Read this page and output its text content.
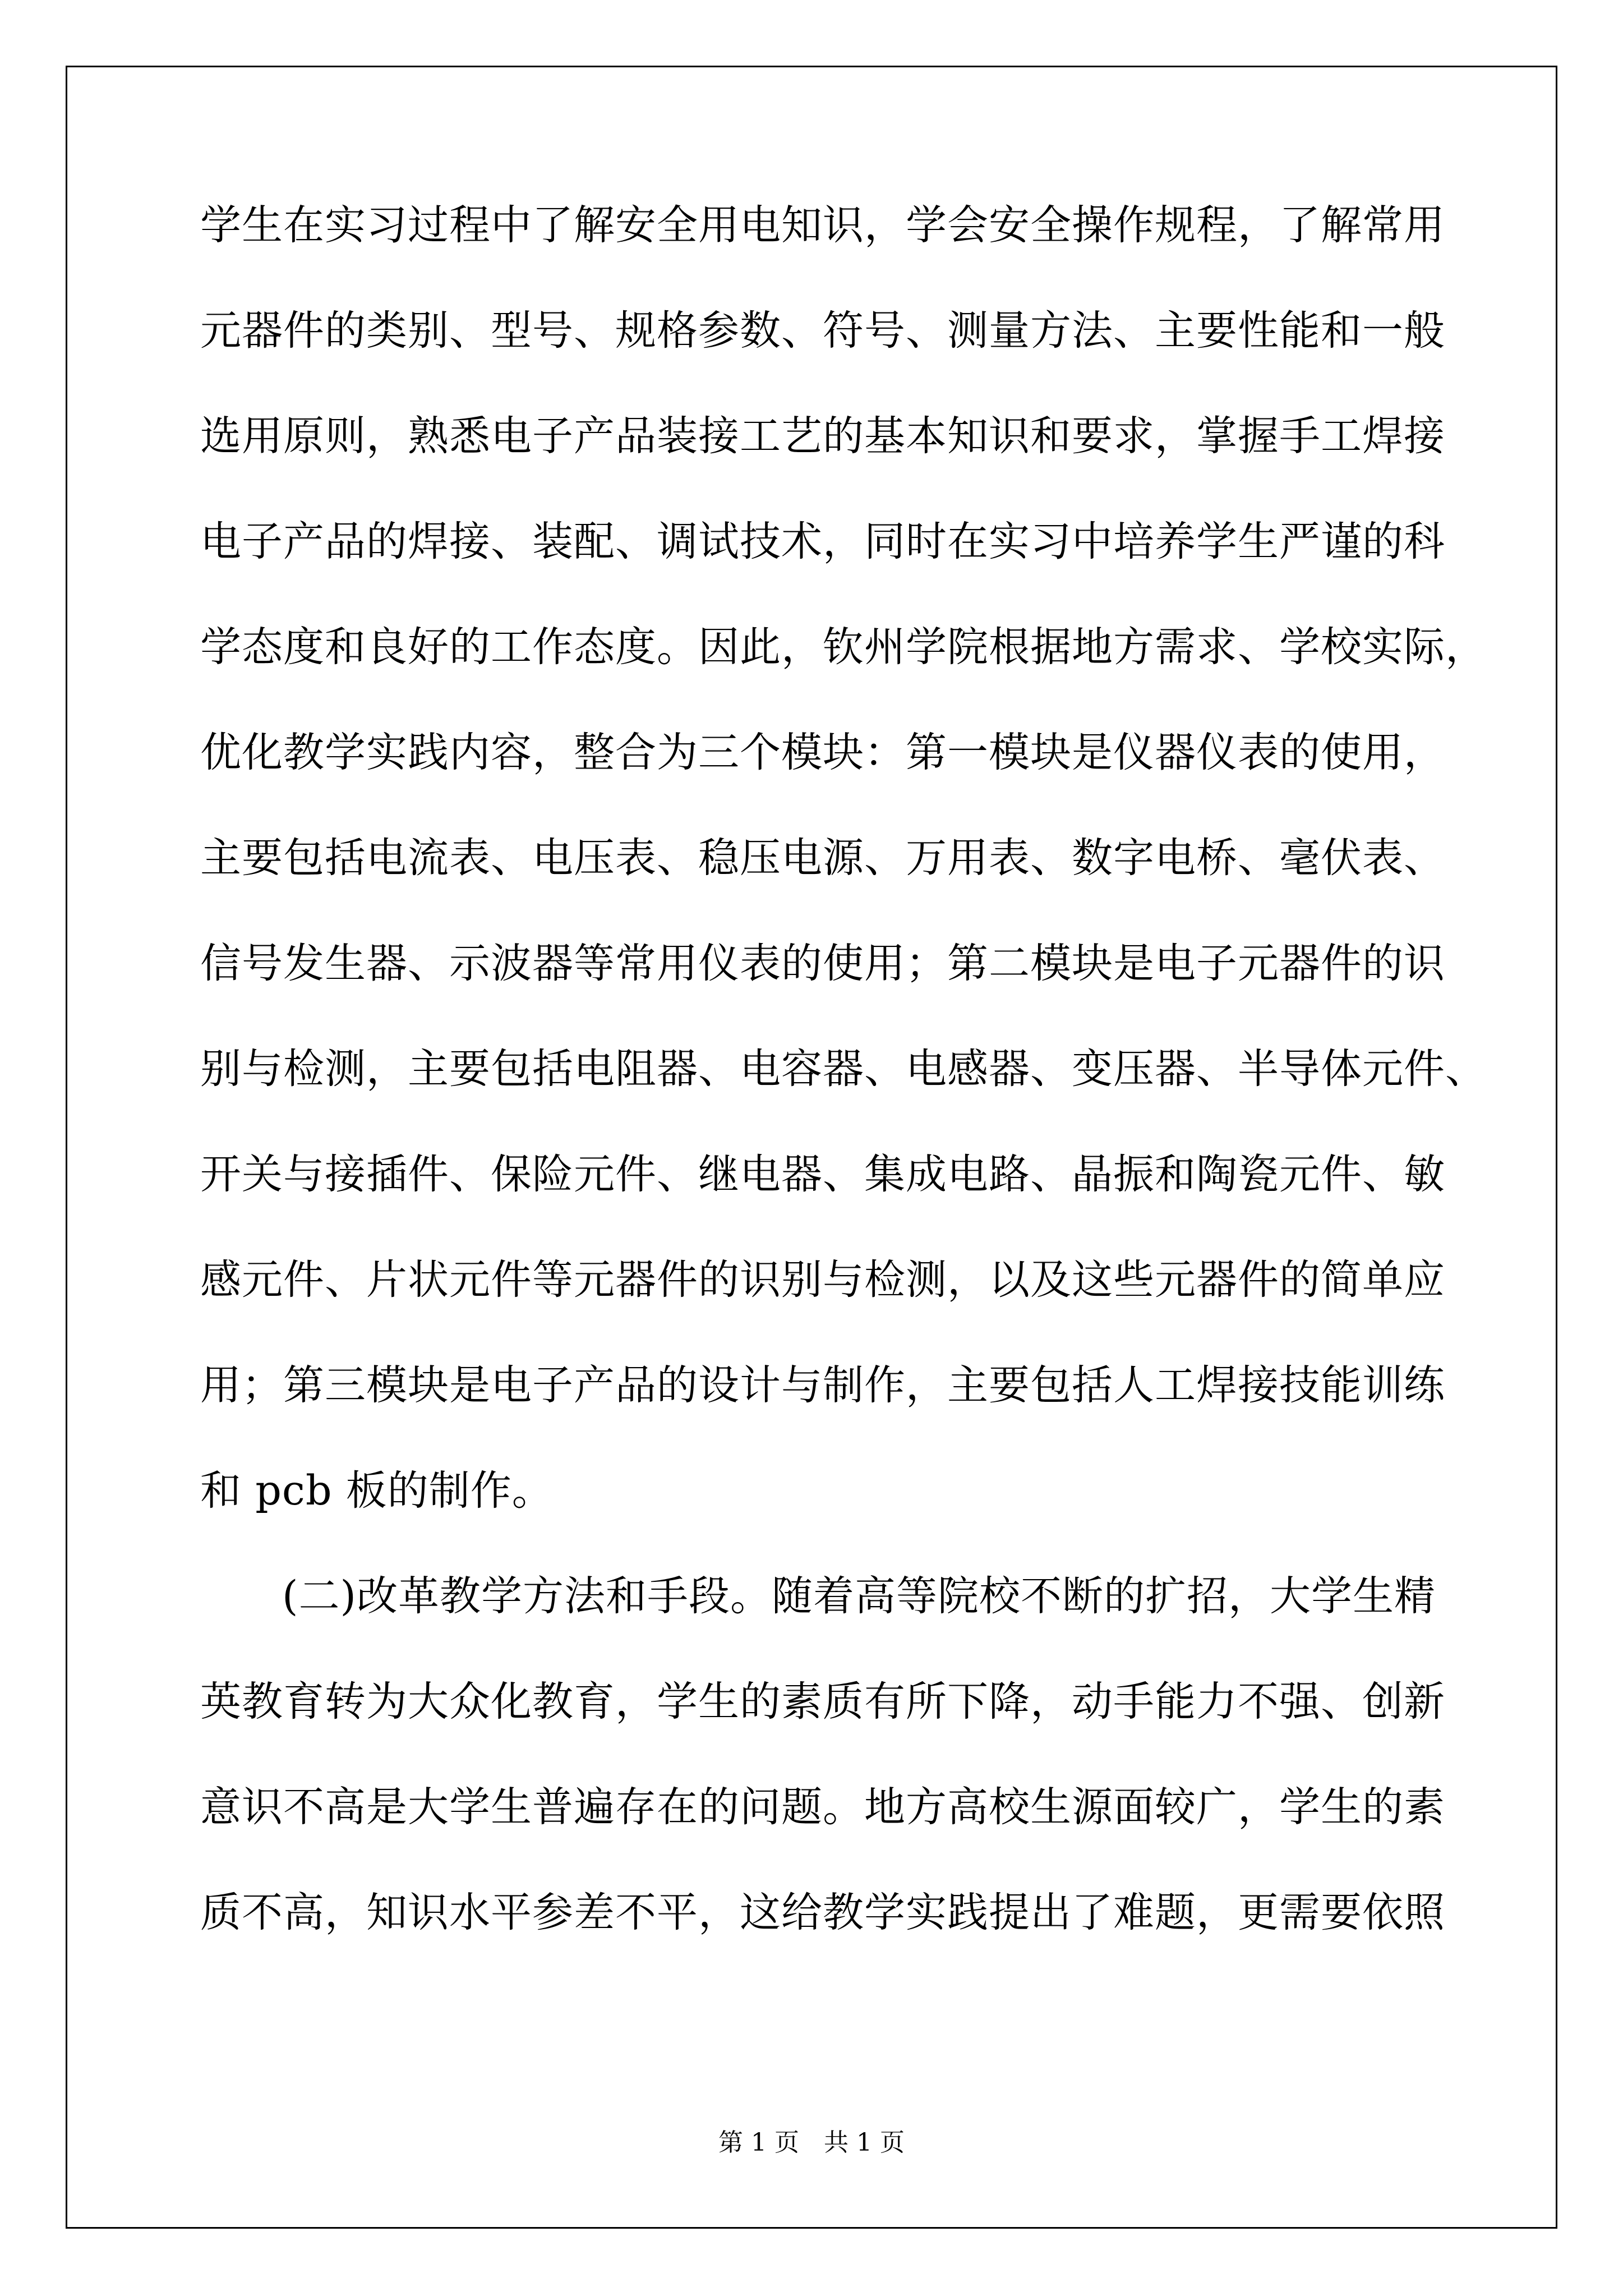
学生在实习过程中了解安全用电知识，学会安全操作规程，了解常用
元器件的类别、型号、规格参数、符号、测量方法、主要性能和一般
选用原则，熟悉电子产品装接工艺的基本知识和要求，掌握手工焊接
电子产品的焊接、装配、调试技术，同时在实习中培养学生严谨的科
学态度和良好的工作态度。因此，钦州学院根据地方需求、学校实际，
优化教学实践内容，整合为三个模块：第一模块是仪器仪表的使用，
主要包括电流表、电压表、稳压电源、万用表、数字电桥、毫伏表、
信号发生器、示波器等常用仪表的使用；第二模块是电子元器件的识
别与检测，主要包括电阻器、电容器、电感器、变压器、半导体元件、
开关与接插件、保险元件、继电器、集成电路、晶振和陶瓷元件、敏
感元件、片状元件等元器件的识别与检测，以及这些元器件的简单应
用；第三模块是电子产品的设计与制作，主要包括人工焊接技能训练
和 pcb 板的制作。
(二)改革教学方法和手段。随着高等院校不断的扩招，大学生精
英教育转为大众化教育，学生的素质有所下降，动手能力不强、创新
意识不高是大学生普遍存在的问题。地方高校生源面较广，学生的素
质不高，知识水平参差不平，这给教学实践提出了难题，更需要依照
第 1 页　共 1 页
